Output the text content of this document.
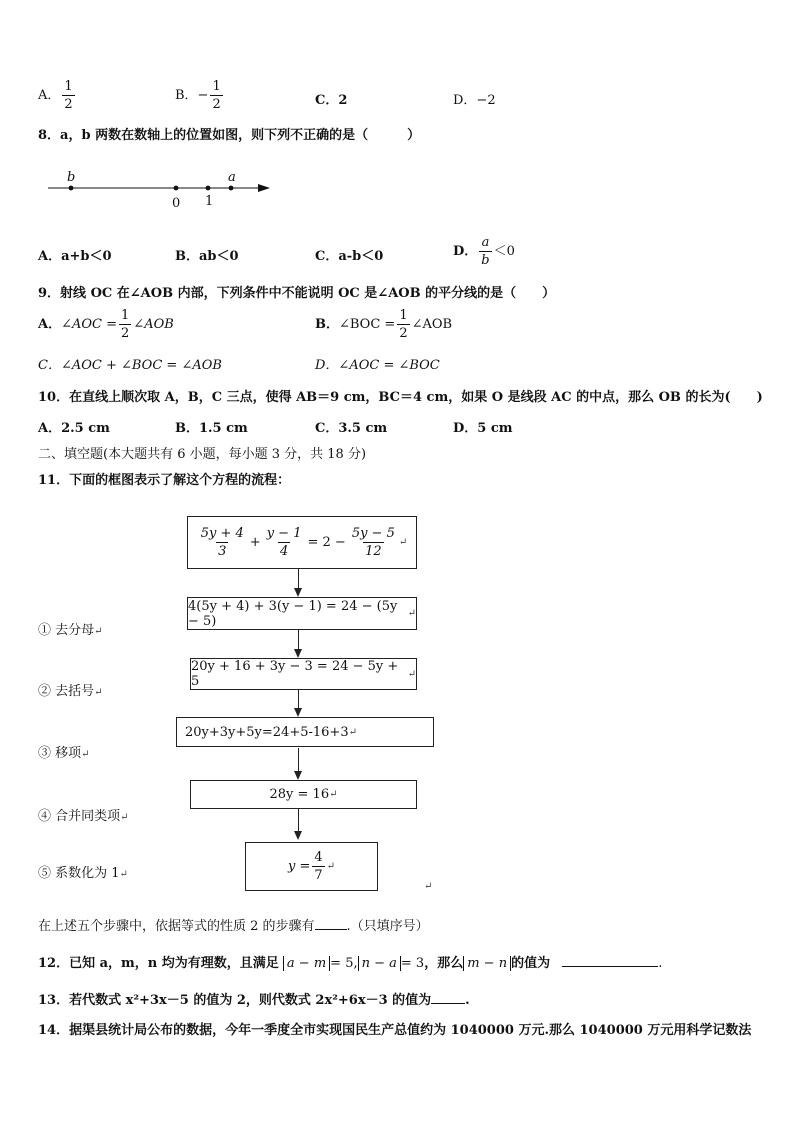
A． $\frac{1}{2}$	B．− $\frac{1}{2}$	C．2	D．−2
8．a，b 两数在数轴上的位置如图，则下列不正确的是（　　　）
b	a
0 1
A．a+b＜0	B．ab＜0	C．a-b＜0	D． $\frac{a}{b} <0$
9．射线 OC 在∠AOB 内部，下列条件中不能说明 OC 是∠AOB 的平分线的是（　　）
A．∠AOC = $\frac{1}{2}$ ∠AOB	B．∠BOC = $\frac{1}{2}$ ∠AOB
C．∠AOC + ∠BOC = ∠AOB	D．∠AOC = ∠BOC
10．在直线上顺次取 A，B，C 三点，使得 AB＝9 cm，BC＝4 cm，如果 O 是线段 AC 的中点，那么 OB 的长为(　　)
A．2.5 cm	B．1.5 cm	C．3.5 cm	D．5 cm
二、填空题(本大题共有 6 小题，每小题 3 分，共 18 分)
11．下面的框图表示了解这个方程的流程：
$\frac{5y + 4}{3} + \frac{y - 1}{4} = 2 - \frac{5y - 5}{12}$ ↵
4(5y + 4) + 3(y − 1) = 24 − (5y − 5)	↵
① 去分母↵
20y + 16 + 3y − 3 = 24 − 5y + 5	↵
② 去括号↵
20y+3y+5y=24+5-16+3 ↵
③ 移项↵
28y = 16 ↵
④ 合并同类项↵
$y = \frac{4}{7}$ ↵
⑤ 系数化为 1↵
↵
在上述五个步骤中，依据等式的性质 2 的步骤有 .（只填序号）
12．已知 a，m，n 均为有理数，且满足 a − m = 5, n − a = 3，那么 m − n 的值为	.
13．若代数式 x²+3x－5 的值为 2，则代数式 2x²+6x－3 的值为	.
14．据渠县统计局公布的数据，今年一季度全市实现国民生产总值约为 1040000 万元.那么 1040000 万元用科学记数法
